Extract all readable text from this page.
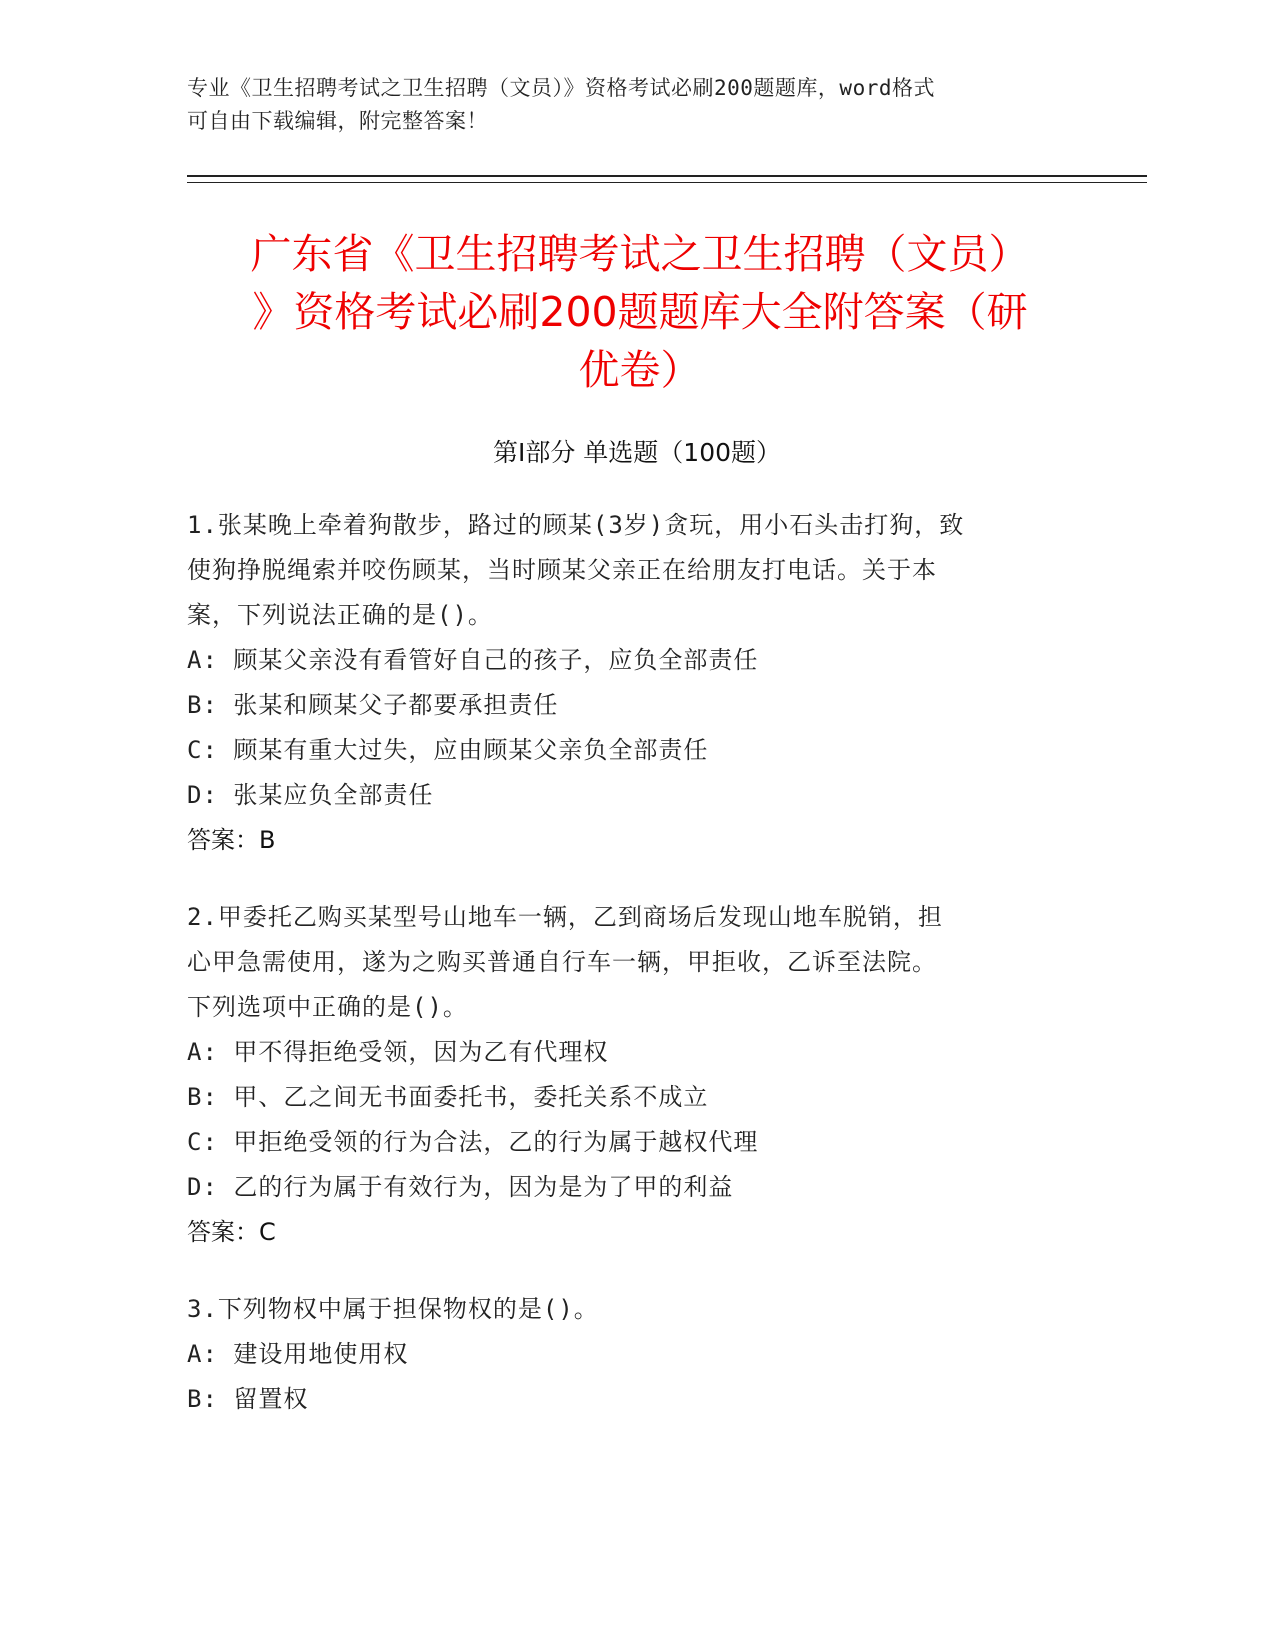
专业《卫生招聘考试之卫生招聘（文员）》资格考试必刷200题题库，word格式
可自由下载编辑，附完整答案！
广东省《卫生招聘考试之卫生招聘（文员）
》资格考试必刷200题题库大全附答案（研
优卷）
第I部分 单选题（100题）
1.张某晚上牵着狗散步，路过的顾某(3岁)贪玩，用小石头击打狗，致
使狗挣脱绳索并咬伤顾某，当时顾某父亲正在给朋友打电话。关于本
案，下列说法正确的是()。
A: 顾某父亲没有看管好自己的孩子，应负全部责任
B: 张某和顾某父子都要承担责任
C: 顾某有重大过失，应由顾某父亲负全部责任
D: 张某应负全部责任
答案：B
2.甲委托乙购买某型号山地车一辆，乙到商场后发现山地车脱销，担
心甲急需使用，遂为之购买普通自行车一辆，甲拒收，乙诉至法院。
下列选项中正确的是()。
A: 甲不得拒绝受领，因为乙有代理权
B: 甲、乙之间无书面委托书，委托关系不成立
C: 甲拒绝受领的行为合法，乙的行为属于越权代理
D: 乙的行为属于有效行为，因为是为了甲的利益
答案：C
3.下列物权中属于担保物权的是()。
A: 建设用地使用权
B: 留置权
